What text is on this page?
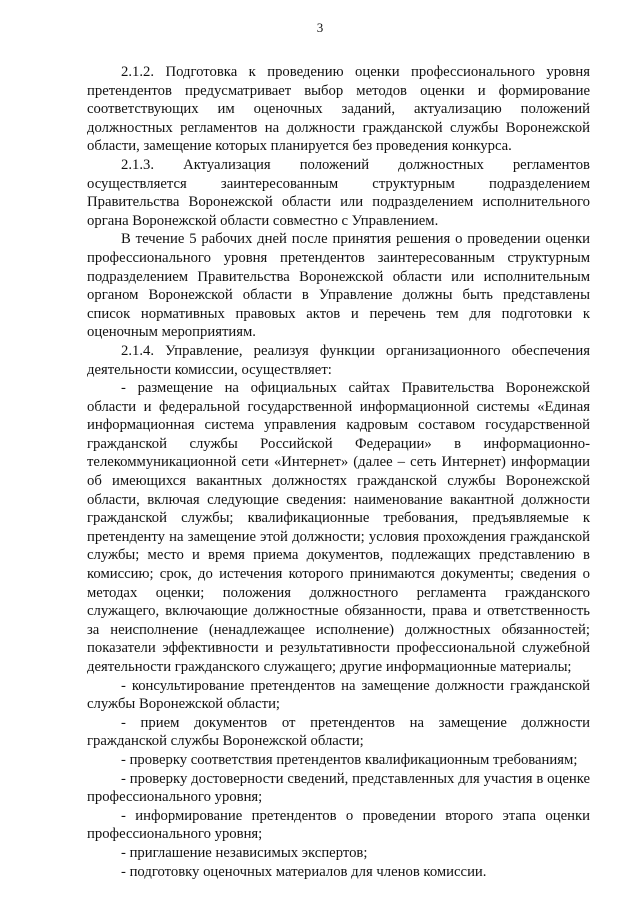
3

2.1.2. Подготовка к проведению оценки профессионального уровня претендентов предусматривает выбор методов оценки и формирование соответствующих им оценочных заданий, актуализацию положений должностных регламентов на должности гражданской службы Воронежской области, замещение которых планируется без проведения конкурса.

2.1.3. Актуализация положений должностных регламентов осуществляется заинтересованным структурным подразделением Правительства Воронежской области или подразделением исполнительного органа Воронежской области совместно с Управлением.

В течение 5 рабочих дней после принятия решения о проведении оценки профессионального уровня претендентов заинтересованным структурным подразделением Правительства Воронежской области или исполнительным органом Воронежской области в Управление должны быть представлены список нормативных правовых актов и перечень тем для подготовки к оценочным мероприятиям.

2.1.4. Управление, реализуя функции организационного обеспечения деятельности комиссии, осуществляет:

- размещение на официальных сайтах Правительства Воронежской области и федеральной государственной информационной системы «Единая информационная система управления кадровым составом государственной гражданской службы Российской Федерации» в информационно-телекоммуникационной сети «Интернет» (далее – сеть Интернет) информации об имеющихся вакантных должностях гражданской службы Воронежской области, включая следующие сведения: наименование вакантной должности гражданской службы; квалификационные требования, предъявляемые к претенденту на замещение этой должности; условия прохождения гражданской службы; место и время приема документов, подлежащих представлению в комиссию; срок, до истечения которого принимаются документы; сведения о методах оценки; положения должностного регламента гражданского служащего, включающие должностные обязанности, права и ответственность за неисполнение (ненадлежащее исполнение) должностных обязанностей; показатели эффективности и результативности профессиональной служебной деятельности гражданского служащего; другие информационные материалы;

- консультирование претендентов на замещение должности гражданской службы Воронежской области;

- прием документов от претендентов на замещение должности гражданской службы Воронежской области;

- проверку соответствия претендентов квалификационным требованиям;

- проверку достоверности сведений, представленных для участия в оценке профессионального уровня;

- информирование претендентов о проведении второго этапа оценки профессионального уровня;

- приглашение независимых экспертов;

- подготовку оценочных материалов для членов комиссии.
